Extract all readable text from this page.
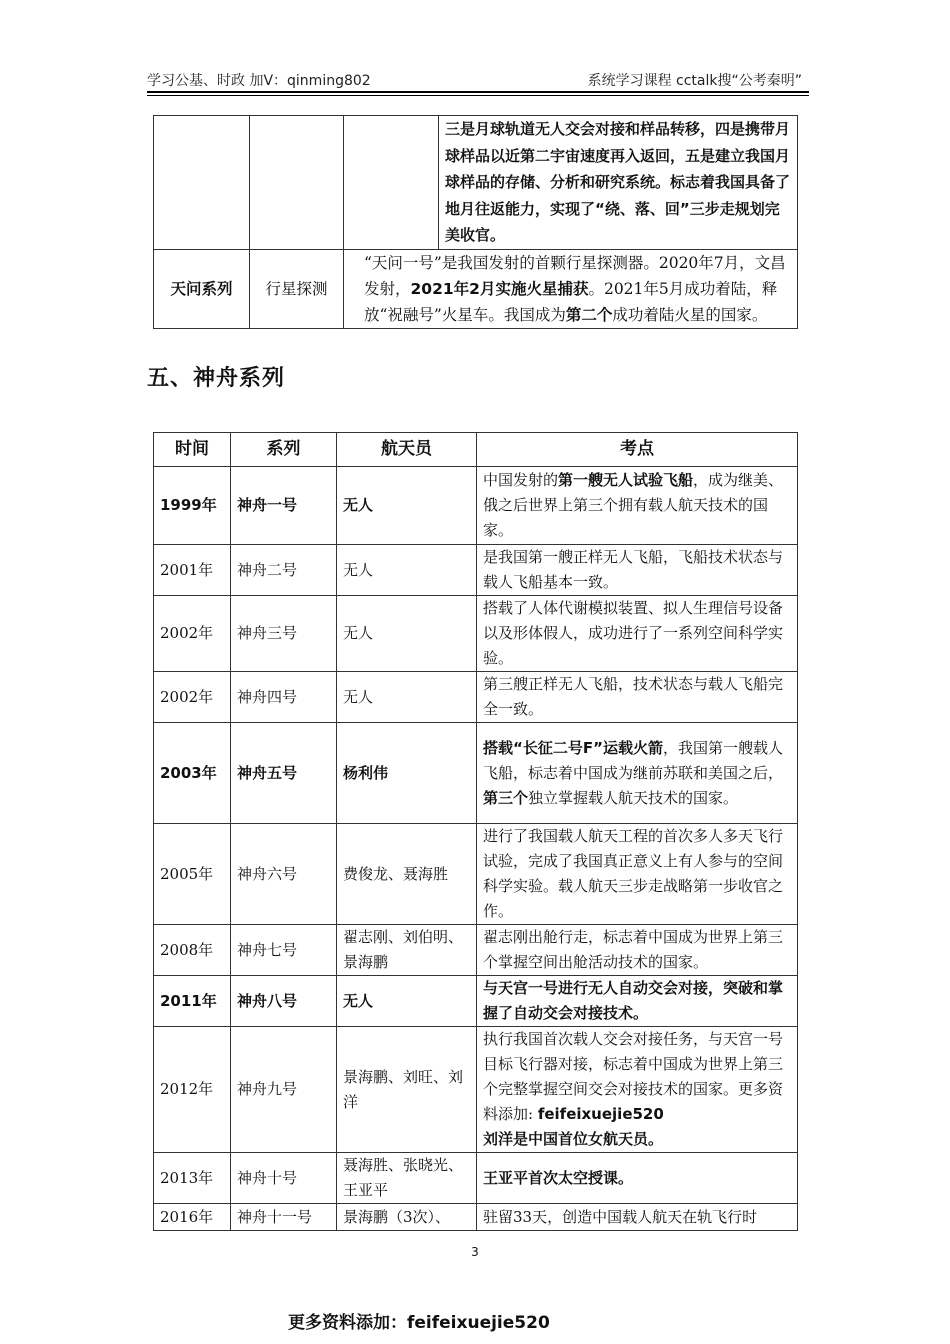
学习公基、时政 加V：qinming802	系统学习课程 cctalk搜“公考秦明”
			三是月球轨道无人交会对接和样品转移，四是携带月球样品以近第二宇宙速度再入返回，五是建立我国月球样品的存储、分析和研究系统。标志着我国具备了地月往返能力，实现了“绕、落、回”三步走规划完美收官。
天问系列	行星探测	“天问一号”是我国发射的首颗行星探测器。2020年7月，文昌发射，2021年2月实施火星捕获。2021年5月成功着陆，释放“祝融号”火星车。我国成为第二个成功着陆火星的国家。	
五、神舟系列
时间	系列	航天员	考点
1999年	神舟一号	无人	中国发射的第一艘无人试验飞船，成为继美、俄之后世界上第三个拥有载人航天技术的国家。
2001年	神舟二号	无人	是我国第一艘正样无人飞船，飞船技术状态与载人飞船基本一致。
2002年	神舟三号	无人	搭载了人体代谢模拟装置、拟人生理信号设备以及形体假人，成功进行了一系列空间科学实验。
2002年	神舟四号	无人	第三艘正样无人飞船，技术状态与载人飞船完全一致。
2003年	神舟五号	杨利伟	搭载“长征二号F”运载火箭，我国第一艘载人飞船，标志着中国成为继前苏联和美国之后，第三个独立掌握载人航天技术的国家。
2005年	神舟六号	费俊龙、聂海胜	进行了我国载人航天工程的首次多人多天飞行试验，完成了我国真正意义上有人参与的空间科学实验。载人航天三步走战略第一步收官之作。
2008年	神舟七号	翟志刚、刘伯明、景海鹏	翟志刚出舱行走，标志着中国成为世界上第三个掌握空间出舱活动技术的国家。
2011年	神舟八号	无人	与天宫一号进行无人自动交会对接，突破和掌握了自动交会对接技术。
2012年	神舟九号	景海鹏、刘旺、刘洋	执行我国首次载人交会对接任务，与天宫一号目标飞行器对接，标志着中国成为世界上第三个完整掌握空间交会对接技术的国家。更多资料添加: feifeixuejie520
刘洋是中国首位女航天员。
2013年	神舟十号	聂海胜、张晓光、王亚平	王亚平首次太空授课。
2016年	神舟十一号	景海鹏（3次）、	驻留33天，创造中国载人航天在轨飞行时
3
更多资料添加：feifeixuejie520
